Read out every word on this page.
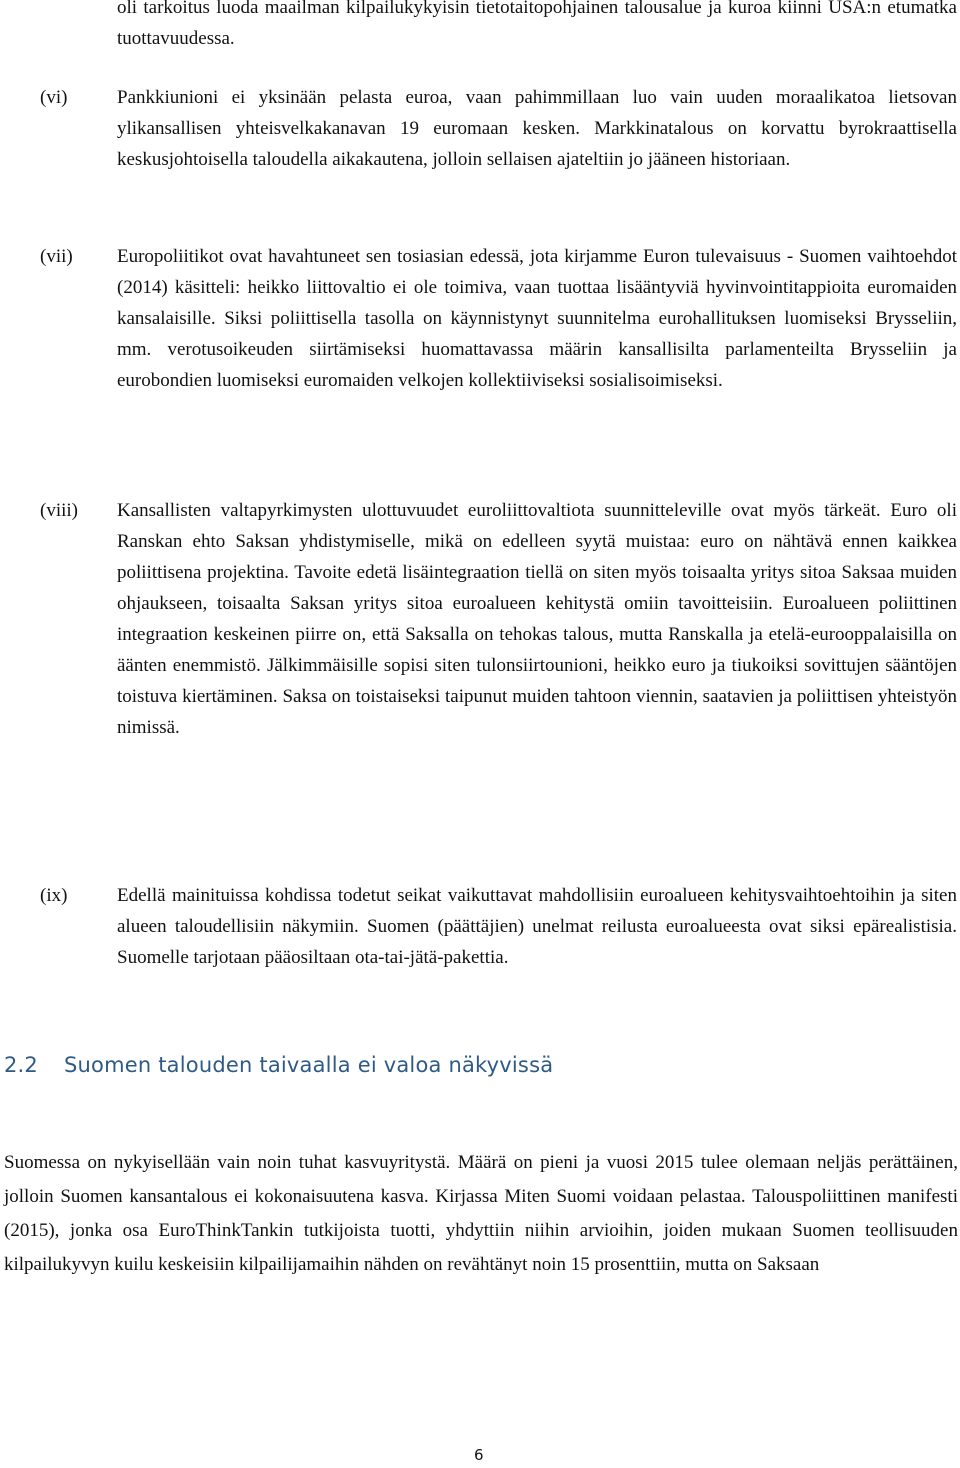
oli tarkoitus luoda maailman kilpailukykyisin tietotaitopohjainen talousalue ja kuroa kiinni USA:n etumatka tuottavuudessa.
(vi)	Pankkiunioni ei yksinään pelasta euroa, vaan pahimmillaan luo vain uuden moraalikatoa lietsovan ylikansallisen yhteisvelkakanavan 19 euromaan kesken. Markkinatalous on korvattu byrokraattisella keskusjohtoisella taloudella aikakautena, jolloin sellaisen ajateltiin jo jääneen historiaan.
(vii) Europoliitikot ovat havahtuneet sen tosiasian edessä, jota kirjamme Euron tulevaisuus - Suomen vaihtoehdot (2014) käsitteli: heikko liittovaltio ei ole toimiva, vaan tuottaa lisääntyviä hyvinvointitappioita euromaiden kansalaisille. Siksi poliittisella tasolla on käynnistynyt suunnitelma eurohallituksen luomiseksi Brysseliin, mm. verotusoikeuden siirtämiseksi huomattavassa määrin kansallisilta parlamenteilta Brysseliin ja eurobondien luomiseksi euromaiden velkojen kollektiiviseksi sosialisoimiseksi.
(viii) Kansallisten valtapyrkimysten ulottuvuudet euroliittovaltiota suunnitteleville ovat myös tärkeät. Euro oli Ranskan ehto Saksan yhdistymiselle, mikä on edelleen syytä muistaa: euro on nähtävä ennen kaikkea poliittisena projektina. Tavoite edetä lisäintegraation tiellä on siten myös toisaalta yritys sitoa Saksaa muiden ohjaukseen, toisaalta Saksan yritys sitoa euroalueen kehitystä omiin tavoitteisiin. Euroalueen poliittinen integraation keskeinen piirre on, että Saksalla on tehokas talous, mutta Ranskalla ja etelä-eurooppalaisilla on äänten enemmistö. Jälkimmäisille sopisi siten tulonsiirtounioni, heikko euro ja tiukoiksi sovittujen sääntöjen toistuva kiertäminen. Saksa on toistaiseksi taipunut muiden tahtoon viennin, saatavien ja poliittisen yhteistyön nimissä.
(ix)	Edellä mainituissa kohdissa todetut seikat vaikuttavat mahdollisiin euroalueen kehitysvaihtoehtoihin ja siten alueen taloudellisiin näkymiin. Suomen (päättäjien) unelmat reilusta euroalueesta ovat siksi epärealistisia. Suomelle tarjotaan pääosiltaan ota-tai-jätä-pakettia.
2.2 Suomen talouden taivaalla ei valoa näkyvissä
Suomessa on nykyisellään vain noin tuhat kasvuyritystä. Määrä on pieni ja vuosi 2015 tulee olemaan neljäs perättäinen, jolloin Suomen kansantalous ei kokonaisuutena kasva. Kirjassa Miten Suomi voidaan pelastaa. Talouspoliittinen manifesti (2015), jonka osa EuroThinkTankin tutkijoista tuotti, yhdyttiin niihin arvioihin, joiden mukaan Suomen teollisuuden kilpailukyvyn kuilu keskeisiin kilpailijamaihin nähden on revähtänyt noin 15 prosenttiin, mutta on Saksaan
6
